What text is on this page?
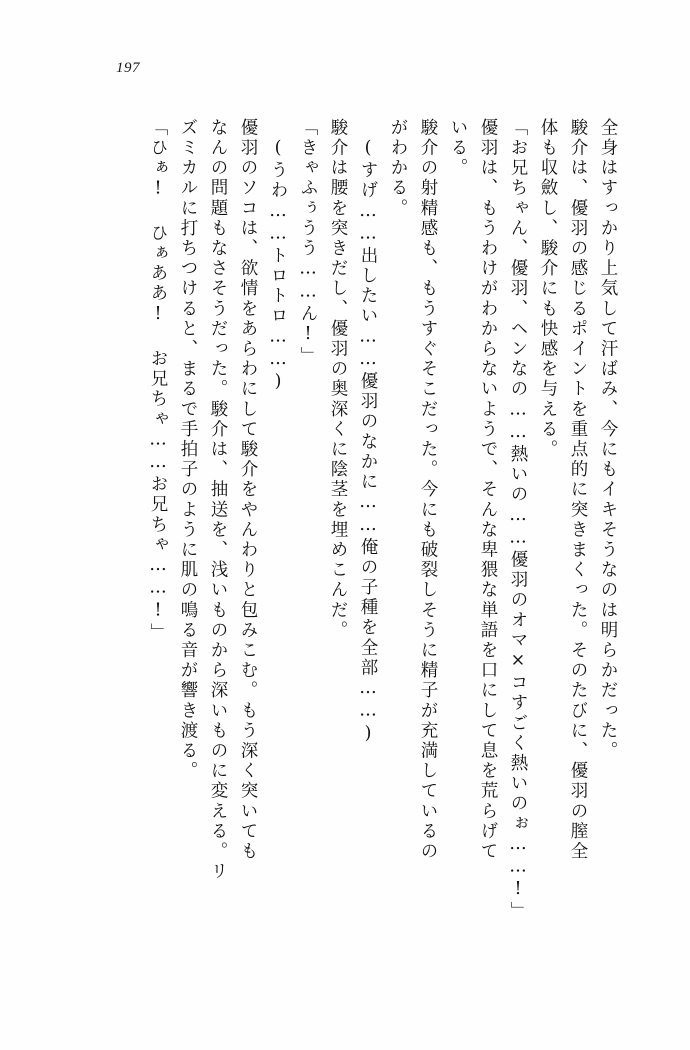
197
全身はすっかり上気して汗ばみ、今にもイキそうなのは明らかだった。
駿介は、優羽の感じるポイントを重点的に突きまくった。そのたびに、優羽の膣全
体も収斂し、駿介にも快感を与える。
「お兄ちゃん、優羽、ヘンなの……熱いの……優羽のオマ×コすごく熱いのぉ……!」
優羽は、もうわけがわからないようで、そんな卑猥な単語を口にして息を荒らげて
いる。
駿介の射精感も、もうすぐそこだった。今にも破裂しそうに精子が充満しているの
がわかる。
(すげ……出したい……優羽のなかに……俺の子種を全部……)
駿介は腰を突きだし、優羽の奥深くに陰茎を埋めこんだ。
「きゃふぅうう……ん!」
(うわ……トロトロ……)
優羽のソコは、欲情をあらわにして駿介をやんわりと包みこむ。もう深く突いても
なんの問題もなさそうだった。駿介は、抽送を、浅いものから深いものに変える。リ
ズミカルに打ちつけると、まるで手拍子のように肌の鳴る音が響き渡る。
「ひぁ! ひぁああ! お兄ちゃ……お兄ちゃ……!」
